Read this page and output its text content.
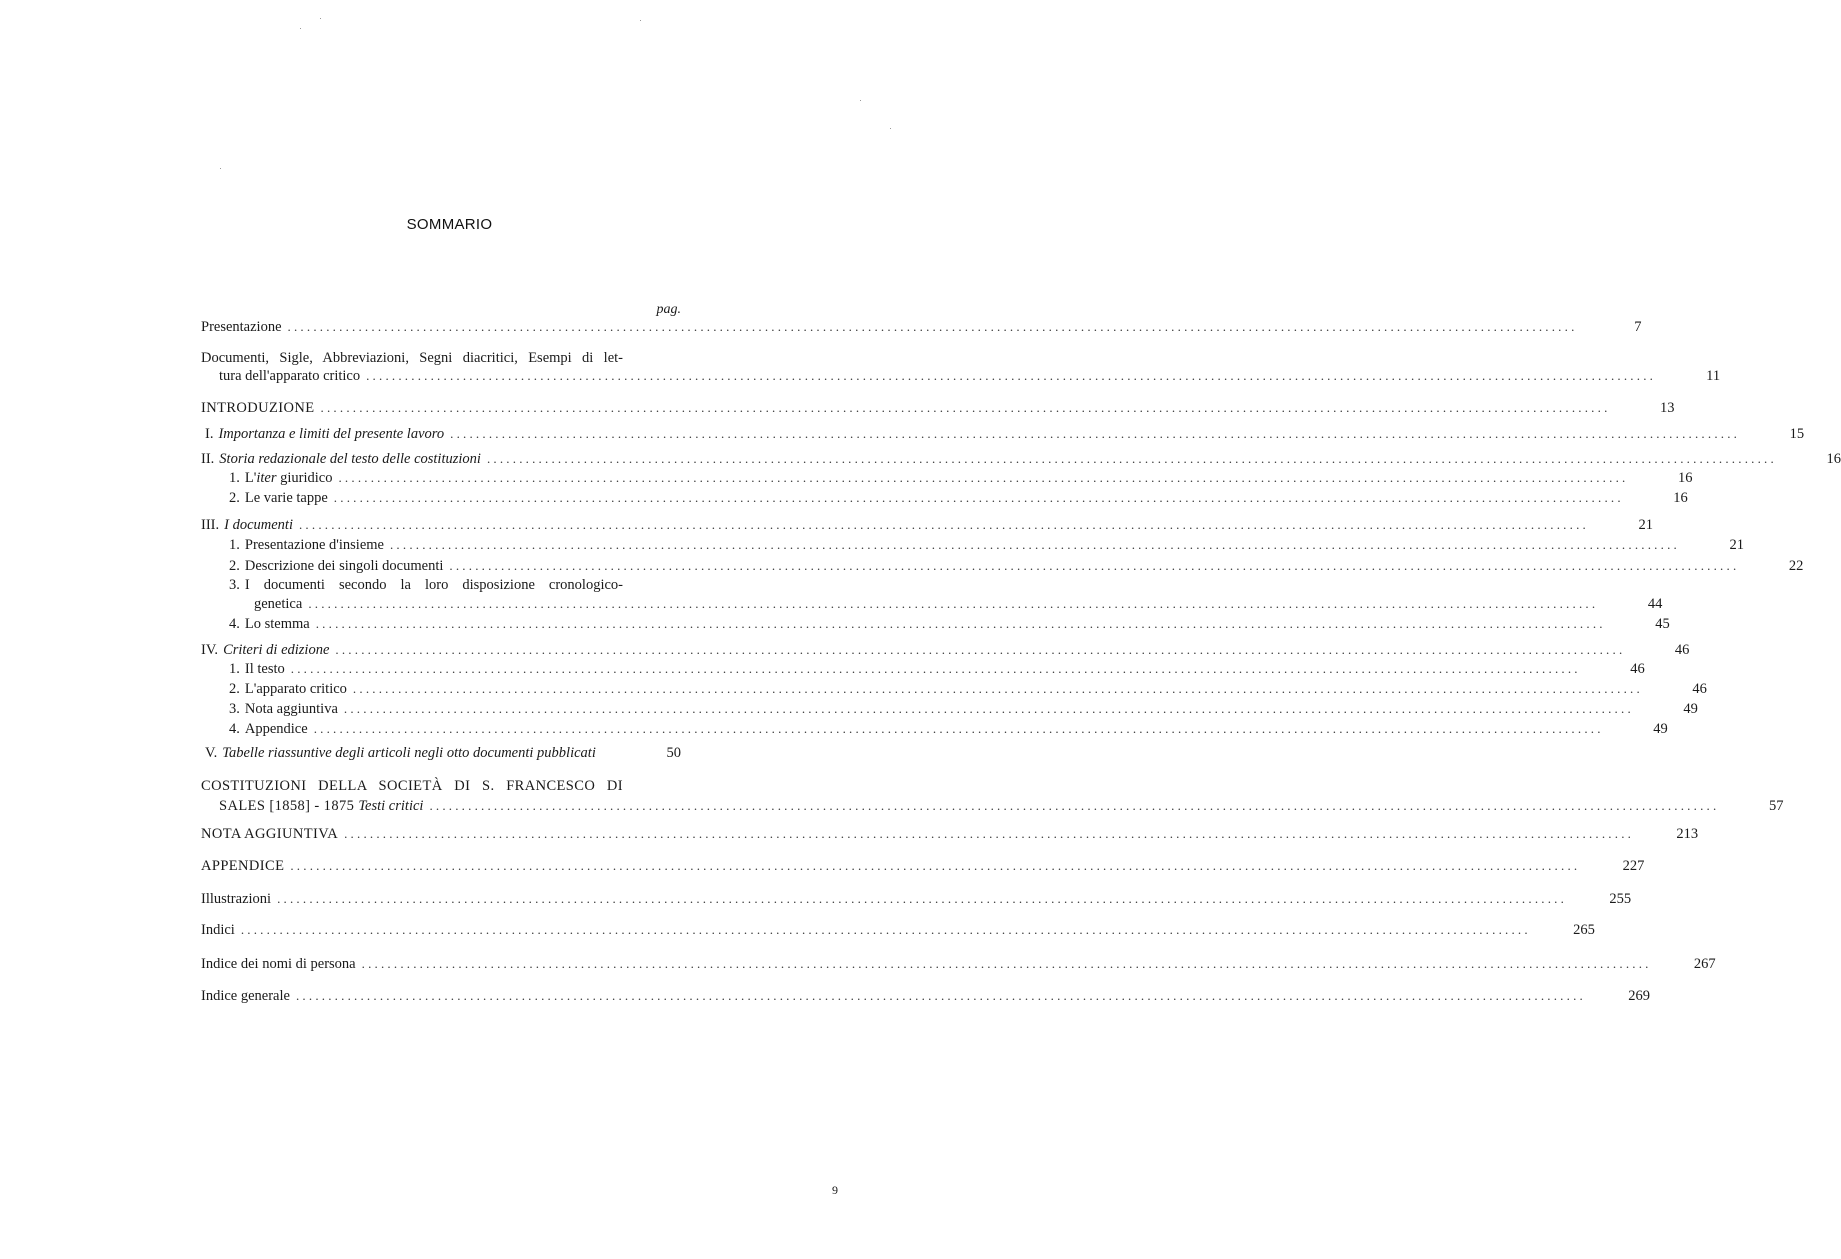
SOMMARIO
pag.
Presentazione ........................................................................................................................................................................................................	7
Documenti, Sigle, Abbreviazioni, Segni diacritici, Esempi di let-
tura dell'apparato critico ........................................................................................................................................................................................................	11
INTRODUZIONE ........................................................................................................................................................................................................	13
I. Importanza e limiti del presente lavoro ........................................................................................................................................................................................................	15
II. Storia redazionale del testo delle costituzioni ........................................................................................................................................................................................................	16
1. L'iter giuridico ........................................................................................................................................................................................................	16
2. Le varie tappe ........................................................................................................................................................................................................	16
III. I documenti ........................................................................................................................................................................................................	21
1. Presentazione d'insieme ........................................................................................................................................................................................................	21
2. Descrizione dei singoli documenti ........................................................................................................................................................................................................	22
3. I documenti secondo la loro disposizione cronologico-
genetica ........................................................................................................................................................................................................	44
4. Lo stemma ........................................................................................................................................................................................................	45
IV. Criteri di edizione ........................................................................................................................................................................................................	46
1. Il testo ........................................................................................................................................................................................................	46
2. L'apparato critico ........................................................................................................................................................................................................	46
3. Nota aggiuntiva ........................................................................................................................................................................................................	49
4. Appendice ........................................................................................................................................................................................................	49
V. Tabelle riassuntive degli articoli negli otto documenti pubblicati	50
COSTITUZIONI DELLA SOCIETÀ DI S. FRANCESCO DI
SALES [1858] - 1875 Testi critici ........................................................................................................................................................................................................	57
NOTA AGGIUNTIVA ........................................................................................................................................................................................................	213
APPENDICE ........................................................................................................................................................................................................	227
Illustrazioni ........................................................................................................................................................................................................	255
Indici ........................................................................................................................................................................................................	265
Indice dei nomi di persona ........................................................................................................................................................................................................	267
Indice generale ........................................................................................................................................................................................................	269
9
